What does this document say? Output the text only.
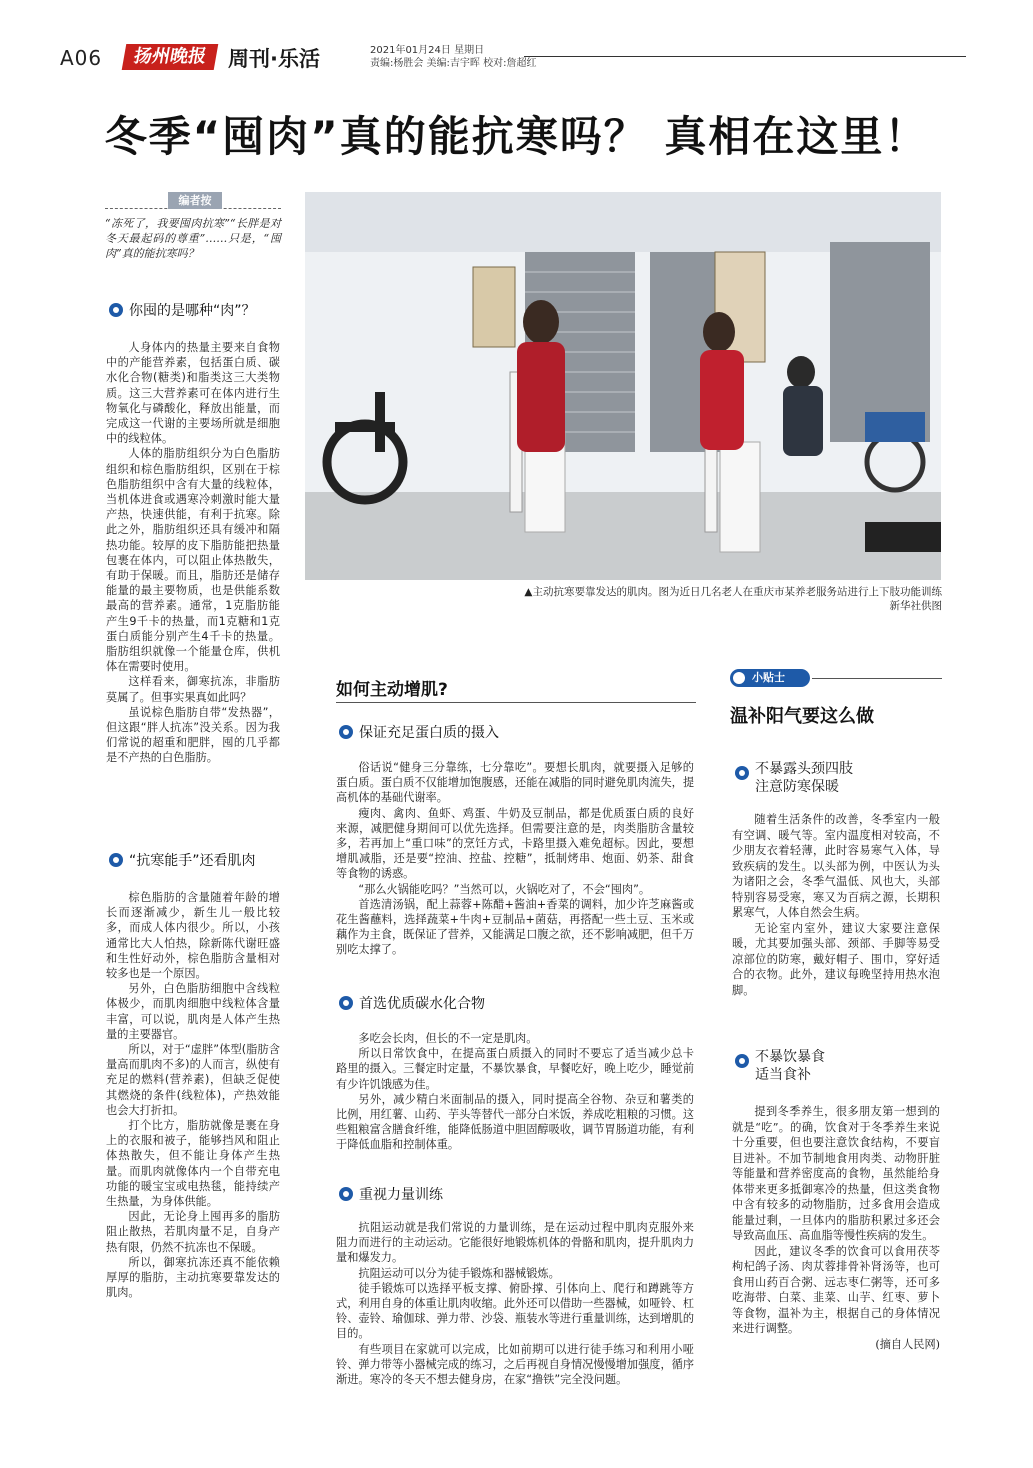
A06	扬州晚报 周刊·乐活	2021年01月24日 星期日
责编:杨胜会 美编:吉宇晖 校对:詹超红
冬季“囤肉”真的能抗寒吗？ 真相在这里！
编者按
“冻死了，我要囤肉抗寒”“长胖是对冬天最起码的尊重”……只是，“囤肉”真的能抗寒吗？
你囤的是哪种“肉”？

人身体内的热量主要来自食物中的产能营养素，包括蛋白质、碳水化合物(糖类)和脂类这三大类物质。这三大营养素可在体内进行生物氧化与磷酸化，释放出能量，而完成这一代谢的主要场所就是细胞中的线粒体。

人体的脂肪组织分为白色脂肪组织和棕色脂肪组织，区别在于棕色脂肪组织中含有大量的线粒体，当机体进食或遇寒冷刺激时能大量产热，快速供能，有利于抗寒。除此之外，脂肪组织还具有缓冲和隔热功能。较厚的皮下脂肪能把热量包裹在体内，可以阻止体热散失，有助于保暖。而且，脂肪还是储存能量的最主要物质，也是供能系数最高的营养素。通常，1克脂肪能产生9千卡的热量，而1克糖和1克蛋白质能分别产生4千卡的热量。脂肪组织就像一个能量仓库，供机体在需要时使用。

这样看来，御寒抗冻，非脂肪莫属了。但事实果真如此吗？

虽说棕色脂肪自带“发热器”，但这跟“胖人抗冻”没关系。因为我们常说的超重和肥胖，囤的几乎都是不产热的白色脂肪。

“抗寒能手”还看肌肉

棕色脂肪的含量随着年龄的增长而逐渐减少，新生儿一般比较多，而成人体内很少。所以，小孩通常比大人怕热，除新陈代谢旺盛和生性好动外，棕色脂肪含量相对较多也是一个原因。

另外，白色脂肪细胞中含线粒体极少，而肌肉细胞中线粒体含量丰富，可以说，肌肉是人体产生热量的主要器官。

所以，对于“虚胖”体型(脂肪含量高而肌肉不多)的人而言，纵使有充足的燃料(营养素)，但缺乏促使其燃烧的条件(线粒体)，产热效能也会大打折扣。

打个比方，脂肪就像是裹在身上的衣服和被子，能够挡风和阻止体热散失，但不能让身体产生热量。而肌肉就像体内一个自带充电功能的暖宝宝或电热毯，能持续产生热量，为身体供能。

因此，无论身上囤再多的脂肪阻止散热，若肌肉量不足，自身产热有限，仍然不抗冻也不保暖。

所以，御寒抗冻还真不能依赖厚厚的脂肪，主动抗寒要靠发达的肌肉。

▲主动抗寒要靠发达的肌肉。图为近日几名老人在重庆市某养老服务站进行上下肢功能训练
新华社供图
如何主动增肌?
保证充足蛋白质的摄入

俗话说“健身三分靠练，七分靠吃”。要想长肌肉，就要摄入足够的蛋白质。蛋白质不仅能增加饱腹感，还能在减脂的同时避免肌肉流失，提高机体的基础代谢率。

瘦肉、禽肉、鱼虾、鸡蛋、牛奶及豆制品，都是优质蛋白质的良好来源，减肥健身期间可以优先选择。但需要注意的是，肉类脂肪含量较多，若再加上“重口味”的烹饪方式，卡路里摄入难免超标。因此，要想增肌减脂，还是要“控油、控盐、控糖”，抵制烤串、炮面、奶茶、甜食等食物的诱惑。

“那么火锅能吃吗？”当然可以，火锅吃对了，不会“囤肉”。

首选清汤锅，配上蒜蓉+陈醋+酱油+香菜的调料，加少许芝麻酱或花生酱蘸料，选择蔬菜+牛肉+豆制品+菌菇，再搭配一些土豆、玉米或藕作为主食，既保证了营养，又能满足口腹之欲，还不影响减肥，但千万别吃太撑了。

首选优质碳水化合物

多吃会长肉，但长的不一定是肌肉。

所以日常饮食中，在提高蛋白质摄入的同时不要忘了适当减少总卡路里的摄入。三餐定时定量，不暴饮暴食，早餐吃好，晚上吃少，睡觉前有少许饥饿感为佳。

另外，减少精白米面制品的摄入，同时提高全谷物、杂豆和薯类的比例，用红薯、山药、芋头等替代一部分白米饭，养成吃粗粮的习惯。这些粗粮富含膳食纤维，能降低肠道中胆固醇吸收，调节胃肠道功能，有利于降低血脂和控制体重。

重视力量训练

抗阻运动就是我们常说的力量训练，是在运动过程中肌肉克服外来阻力而进行的主动运动。它能很好地锻炼机体的骨骼和肌肉，提升肌肉力量和爆发力。

抗阻运动可以分为徒手锻炼和器械锻炼。

徒手锻炼可以选择平板支撑、俯卧撑、引体向上、爬行和蹲跳等方式，利用自身的体重让肌肉收缩。此外还可以借助一些器械，如哑铃、杠铃、壶铃、瑜伽球、弹力带、沙袋、瓶装水等进行重量训练，达到增肌的目的。

有些项目在家就可以完成，比如前期可以进行徒手练习和利用小哑铃、弹力带等小器械完成的练习，之后再视自身情况慢慢增加强度，循序渐进。寒冷的冬天不想去健身房，在家“撸铁”完全没问题。

小贴士
温补阳气要这么做
不暴露头颈四肢
注意防寒保暖

随着生活条件的改善，冬季室内一般有空调、暖气等。室内温度相对较高，不少朋友衣着轻薄，此时容易寒气入体，导致疾病的发生。以头部为例，中医认为头为诸阳之会，冬季气温低、风也大，头部特别容易受寒，寒又为百病之源，长期积累寒气，人体自然会生病。

无论室内室外，建议大家要注意保暖，尤其要加强头部、颈部、手脚等易受凉部位的防寒，戴好帽子、围巾，穿好适合的衣物。此外，建议每晚坚持用热水泡脚。

不暴饮暴食
适当食补

提到冬季养生，很多朋友第一想到的就是“吃”。的确，饮食对于冬季养生来说十分重要，但也要注意饮食结构，不要盲目进补。不加节制地食用肉类、动物肝脏等能量和营养密度高的食物，虽然能给身体带来更多抵御寒冷的热量，但这类食物中含有较多的动物脂肪，过多食用会造成能量过剩，一旦体内的脂肪积累过多还会导致高血压、高血脂等慢性疾病的发生。

因此，建议冬季的饮食可以食用茯苓枸杞鸽子汤、肉苁蓉排骨补肾汤等，也可食用山药百合粥、远志枣仁粥等，还可多吃海带、白菜、韭菜、山芋、红枣、萝卜等食物，温补为主，根据自己的身体情况来进行调整。

(摘自人民网)
